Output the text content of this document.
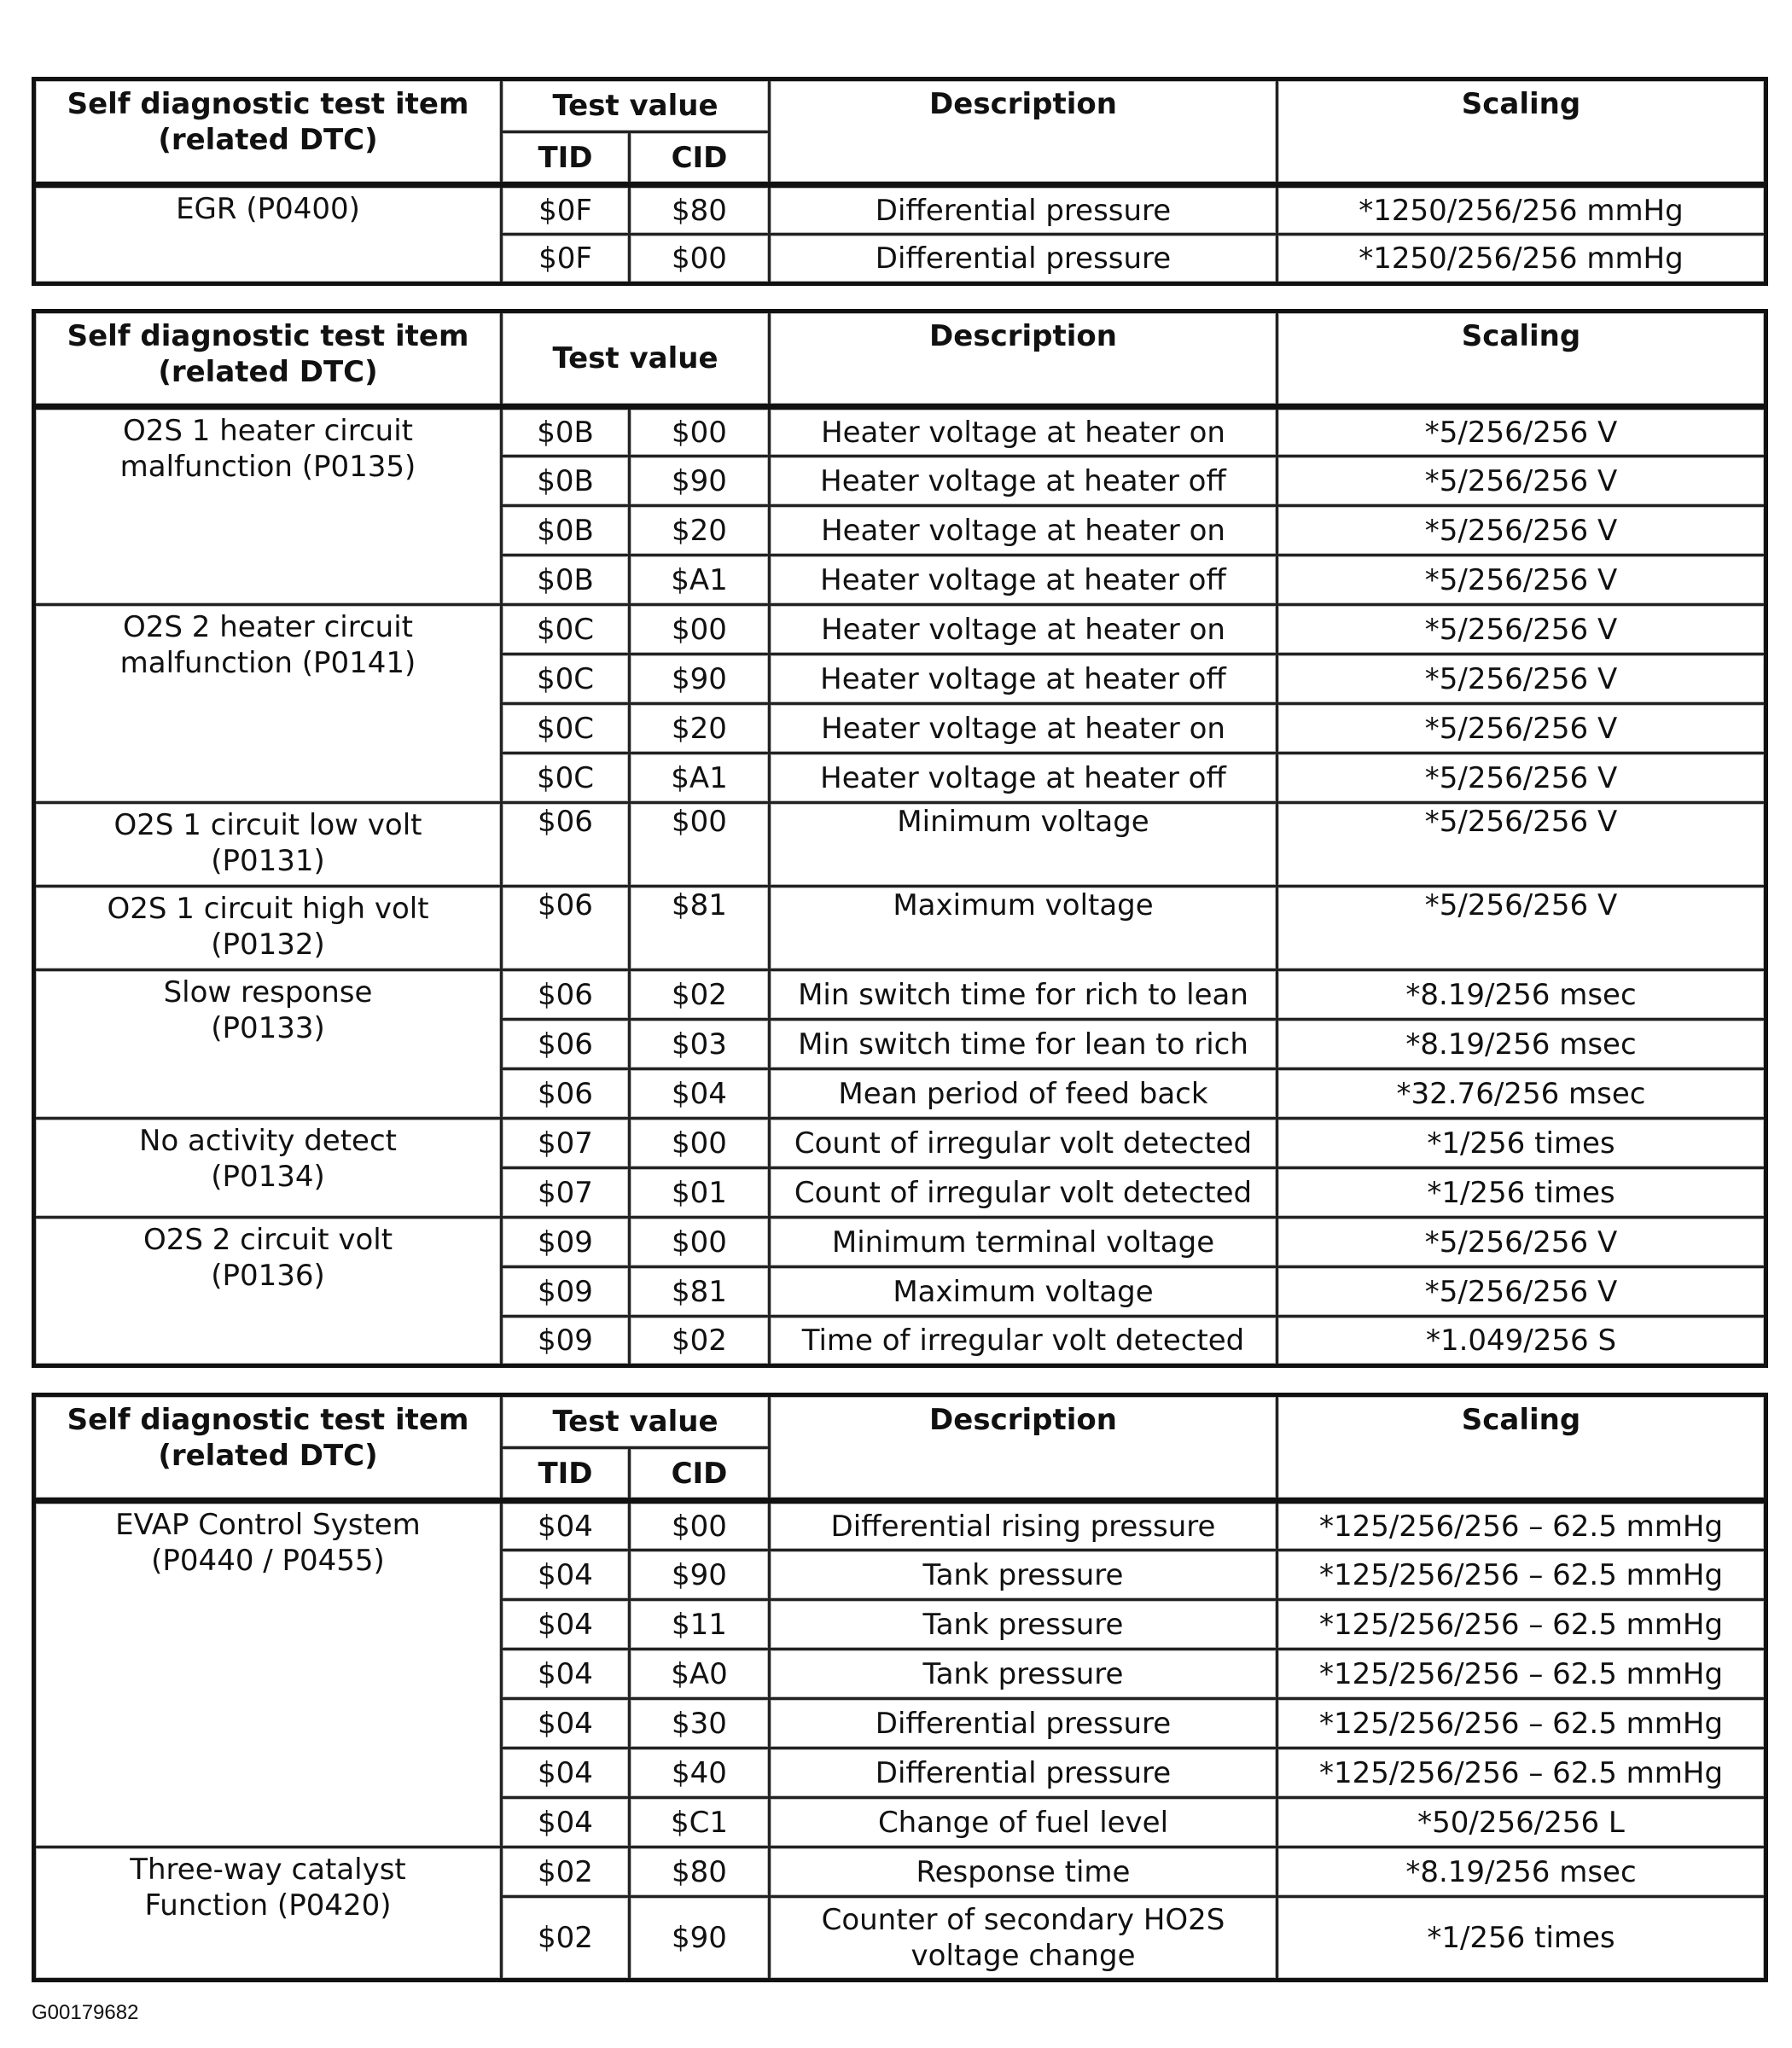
Self diagnostic test item
(related DTC)	Test value		Description	Scaling
	TID	CID		

EGR (P0400)	$0F	$80	Differential pressure	*1250/256/256 mmHg
	$0F	$00	Differential pressure	*1250/256/256 mmHg
Self diagnostic test item
(related DTC)	Test value		Description	Scaling

O2S 1 heater circuit
malfunction (P0135)	$0B	$00	Heater voltage at heater on	*5/256/256 V
	$0B	$90	Heater voltage at heater off	*5/256/256 V
	$0B	$20	Heater voltage at heater on	*5/256/256 V
	$0B	$A1	Heater voltage at heater off	*5/256/256 V

O2S 2 heater circuit
malfunction (P0141)	$0C	$00	Heater voltage at heater on	*5/256/256 V
	$0C	$90	Heater voltage at heater off	*5/256/256 V
	$0C	$20	Heater voltage at heater on	*5/256/256 V
	$0C	$A1	Heater voltage at heater off	*5/256/256 V

O2S 1 circuit low volt
(P0131)	$06	$00	Minimum voltage	*5/256/256 V

O2S 1 circuit high volt
(P0132)	$06	$81	Maximum voltage	*5/256/256 V

Slow response
(P0133)	$06	$02	Min switch time for rich to lean	*8.19/256 msec
	$06	$03	Min switch time for lean to rich	*8.19/256 msec
	$06	$04	Mean period of feed back	*32.76/256 msec

No activity detect
(P0134)	$07	$00	Count of irregular volt detected	*1/256 times
	$07	$01	Count of irregular volt detected	*1/256 times

O2S 2 circuit volt
(P0136)	$09	$00	Minimum terminal voltage	*5/256/256 V
	$09	$81	Maximum voltage	*5/256/256 V
	$09	$02	Time of irregular volt detected	*1.049/256 S
Self diagnostic test item
(related DTC)	Test value		Description	Scaling
	TID	CID		

EVAP Control System
(P0440 / P0455)	$04	$00	Differential rising pressure	*125/256/256 – 62.5 mmHg
	$04	$90	Tank pressure	*125/256/256 – 62.5 mmHg
	$04	$11	Tank pressure	*125/256/256 – 62.5 mmHg
	$04	$A0	Tank pressure	*125/256/256 – 62.5 mmHg
	$04	$30	Differential pressure	*125/256/256 – 62.5 mmHg
	$04	$40	Differential pressure	*125/256/256 – 62.5 mmHg
	$04	$C1	Change of fuel level	*50/256/256 L

Three-way catalyst
Function (P0420)	$02	$80	Response time	*8.19/256 msec
	$02	$90	Counter of secondary HO2S voltage change	*1/256 times
G00179682
